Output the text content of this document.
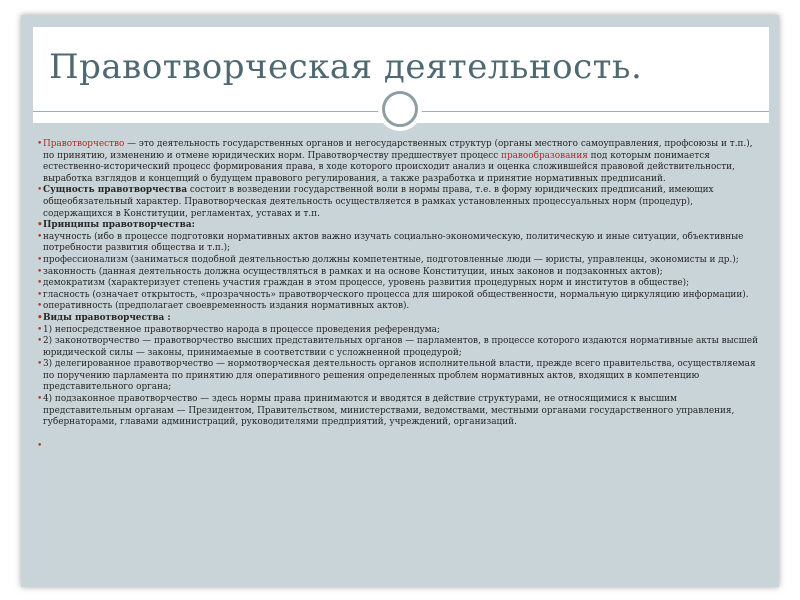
Правотворческая деятельность.

• Правотворчество — это деятельность государственных органов и негосударственных структур (органы местного самоуправления, профсоюзы и т.п.), по принятию, изменению и отмене юридических норм. Правотворчеству предшествует процесс правообразования под которым понимается естественно-исторический процесс формирования права, в ходе которого происходит анализ и оценка сложившейся правовой действительности, выработка взглядов и концепций о будущем правового регулирования, а также разработка и принятие нормативных предписаний.

• Сущность правотворчества состоит в возведении государственной воли в нормы права, т.е. в форму юридических предписаний, имеющих общеобязательный характер. Правотворческая деятельность осуществляется в рамках установленных процессуальных норм (процедур), содержащихся в Конституции, регламентах, уставах и т.п.

• Принципы правотворчества:

• научность (ибо в процессе подготовки нормативных актов важно изучать социально-экономическую, политическую и иные ситуации, объективные потребности развития общества и т.п.);

• профессионализм (заниматься подобной деятельностью должны компетентные, подготовленные люди — юристы, управленцы, экономисты и др.);

• законность (данная деятельность должна осуществляться в рамках и на основе Конституции, иных законов и подзаконных актов);

• демократизм (характеризует степень участия граждан в этом процессе, уровень развития процедурных норм и институтов в обществе);

• гласность (означает открытость, «прозрачность» правотворческого процесса для широкой общественности, нормальную циркуляцию информации).

• оперативность (предполагает своевременность издания нормативных актов).

• Виды правотворчества :

• 1) непосредственное правотворчество народа в процессе проведения референдума;

• 2) законотворчество — правотворчество высших представительных органов — парламентов, в процессе которого издаются нормативные акты высшей юридической силы — законы, принимаемые в соответствии с усложненной процедурой;

• 3) делегированное правотворчество — нормотворческая деятельность органов исполнительной власти, прежде всего правительства, осуществляемая по поручению парламента по принятию для оперативного решения определенных проблем нормативных актов, входящих в компетенцию представительного органа;

• 4) подзаконное правотворчество — здесь нормы права принимаются и вводятся в действие структурами, не относящимися к высшим представительным органам — Президентом, Правительством, министерствами, ведомствами, местными органами государственного управления, губернаторами, главами администраций, руководителями предприятий, учреждений, организаций.
